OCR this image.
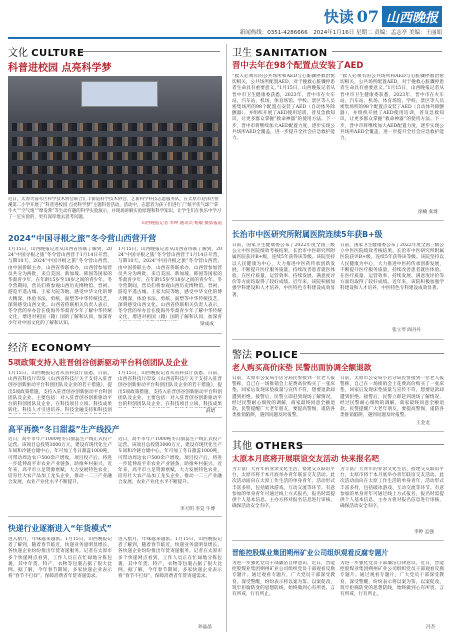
快读 07 山西晚报
新闻热线：0351-4286666　2024年1月16日 星期二 责编：孟志亭 美编：王丽娟
文化 CULTURE
科普进校园 点亮科学梦
近日，太原火箭军区科学技术协会联合汇丰街道科学技术协会、艺新科学科技志愿服务队，在太原市迎泽区恒溪第二小学开展了“科普进校园 点亮科学梦”主题科普活动。活动中，志愿者为孩子们进行了“纸平伏气球”“拿牛火”“空气炮”“摩发膏”等生动有趣的科学实验演示，并现场讲解实验原理和科学知识，让学生们在快乐中学习了一定实验的，更有深厚地去思考问题。
山西晚报记者 李坤 通讯员 杨敏 摄影报道
2024“中国寻根之旅”冬令营山西营开营
1月15日，山西晚报记者从山西省侨联了解到，2024“中国寻根之旅”冬令营山西营于1月14日开营，与期10天。2024“中国寻根之旅”冬令营山西营，由中国侨联主办，山西省侨联承办，山西营参加营员共分为两批，来自美国、新加坡、韩国等国家的华裔青少年，在年龄15岁至18岁之间的青少年。冬令营期间，营员们将参观山西历史博物馆、晋祠、游览平遥古城、王家大院等地，感受中华文化的博大精深，体验书法、剪纸、面塑等中华传统技艺，深刻感受山西文化。山西省侨联相关负责人表示，冬令营的举办旨在使海外华裔青少年了解中华传统文化，增进对祖国（籍）国的了解和认同，加深青少年对中国文化的了解和认知。
1月15日，山西晚报记者从山西省侨联了解到，2024“中国寻根之旅”冬令营山西营于1月14日开营，与期10天。2024“中国寻根之旅”冬令营山西营，由中国侨联主办，山西省侨联承办，山西营参加营员共分为两批，来自美国、新加坡、韩国等国家的华裔青少年，在年龄15岁至18岁之间的青少年。冬令营期间，营员们将参观山西历史博物馆、晋祠、游览平遥古城、王家大院等地，感受中华文化的博大精深，体验书法、剪纸、面塑等中华传统技艺，深刻感受山西文化。山西省侨联相关负责人表示，冬令营的举办旨在使海外华裔青少年了解中华传统文化，增进对祖国（籍）国的了解和认同，加深青
梁成成
经济 ECONOMY
5项政策支持入驻晋创谷创新驱动平台科创团队及企业
1月15日，山西晚报记者从省科技厅获悉，日前，山西省科技厅印发《山西省科技厅关于支持入驻晋创谷创新驱动平台科创团队及企业的若干措施》，提出5项政策措施，支持入驻晋创谷创新驱动平台科创团队及企业。主要包括：对入驻晋创谷创新驱动平台的科创团队及企业，在科技项目立项、科技成果转化、科技人才引进培养、科技金融支持和科技创
1月15日，山西晚报记者从省科技厅获悉，日前，山西省科技厅印发《山西省科技厅关于支持入驻晋创谷创新驱动平台科创团队及企业的若干措施》，提出5项政策措施，支持入驻晋创谷创新驱动平台科创团队及企业。主要包括：对入驻晋创谷创新驱动平台的科创团队及企业，在科技项目立项、科技成果
薛珺
高平再焕“冬日甜蕊”生产线投产
近日，高平市年产1000吨冬日甜蕊生产线正式投产运营。该项目总投资3000万元，建设有现代化生产车间和冷链仓储中心，年可加工冬日甜蕊1000吨，可带动周边农户500余户增收。项目投产后，将进一步延伸高平市农业产业链条，助推乡村振兴。近年来，高平市立足资源禀赋，大力发展特色农业，培育壮大农产品加工龙头企业，推动一二三产业融合发展，农业产业化水平不断提升。
近日，高平市年产1000吨冬日甜蕊生产线正式投产运营。该项目总投资3000万元，建设有现代化生产车间和冷链仓储中心，年可加工冬日甜蕊1000吨，可带动周边农户500余户增收。项目投产后，将进一步延伸高平市农业产业链条，助推乡村振兴。近年来，高平市立足资源禀赋，大力发展特色农业，培育壮大农产品加工龙头企业，推动一二三产业融合发展，农业产业化水平不断提升。
李天明 李昊 牛博
快递行业逐渐进入“年货模式”
进入腊月，年味越来越浓。1月15日，山西晚报记者了解到，随着春节临近，快递业务量明显增长，各快递企业纷纷推出年货寄递服务。记者在太原市多个快递网点看到，工作人员正在忙碌地分拣包裹，其中年货、特产、衣物等包裹占据了很大比例。据了解，今年春节期间，多家快递企业表示将“春节不打烊”，保障消费者年货寄递需求。
进入腊月，年味越来越浓。1月15日，山西晚报记者了解到，随着春节临近，快递业务量明显增长，各快递企业纷纷推出年货寄递服务。记者在太原市多个快递网点看到，工作人员正在忙碌地分拣包裹，其中年货、特产、衣物等包裹占据了很大比例。据了解，今年春节期间，多家快递企业表示将“春节不打烊”，保障消费者年货寄递需求。
孙晶晶
卫生 SANITATION
晋中去年在98个配置点安装了AED
“救人必须有的公共场所和AED与心脏骤停救治密切相关，公共场所配置AED，对于挽救心脏骤停患者生命具有重要意义。”1月15日，山西晚报记者从晋中市卫生健康委获悉，2023年，晋中市在火车站、汽车站、机场、体育场馆、学校、景区等人员密集场所的98个配置点安装了AED（自动体外除颤器），并组织开展了AED使用培训，普及急救知识，让更多群众掌握“救命神器”的使用方法。下一步，晋中市将继续加大AED配置力度，逐步实现公共场所AED全覆盖，进一步提升全社会应急救护能力。
“救人必须有的公共场所和AED与心脏骤停救治密切相关，公共场所配置AED，对于挽救心脏骤停患者生命具有重要意义。”1月15日，山西晚报记者从晋中市卫生健康委获悉，2023年，晋中市在火车站、汽车站、机场、体育场馆、学校、景区等人员密集场所的98个配置点安装了AED（自动体外除颤器），并组织开展了AED使用培训，普及急救知识，让更多群众掌握“救命神器”的使用方法。下一步，晋中市将继续加大AED配置力度，逐步实现公共场所AED全覆盖，进一步提升全社会应急救护能力。
徐楠 张琦
长治市中医研究所附属医院连续5年获B+级
日前，国家卫生健康委公布了2022年度全国三级公立中医医院绩效考核结果。长治市中医研究所附属医院获评B+级，连续5年获得该等级。该院坚持以人民健康为中心，大力推进中医药传承创新发展，不断提升医疗服务质量，持续改善患者就医体验。在医疗质量、运营效率、持续发展、满意度评价等方面均取得了较好成绩。近年来，该院积极加强学科建设和人才培养，中医特色专科建设成效显著。
日前，国家卫生健康委公布了2022年度全国三级公立中医医院绩效考核结果。长治市中医研究所附属医院获评B+级，连续5年获得该等级。该院坚持以人民健康为中心，大力推进中医药传承创新发展，不断提升医疗服务质量，持续改善患者就医体验。在医疗质量、运营效率、持续发展、满意度评价等方面均取得了较好成绩。近年来，该院积极加强学科建设和人才培养，中医特色专科建设成效显著。
张立琴 阎丹丹
警法 POLICE
老人购买高价床垫 民警出面协调全额退款
日前，太原市公安局小店分局民警接到一位老人报警称，自己在一场推销会上花费高价购买了一张床垫，回家后发现床垫质量与宣传不符，想要退款却遭到拒绝。接警后，民警立即赶到现场了解情况，经过民警耐心细致的调解，商家最终同意全额退款。民警提醒广大老年朋友，要提高警惕，谨防各类推销陷阱，遇到问题及时报警。
日前，太原市公安局小店分局民警接到一位老人报警称，自己在一场推销会上花费高价购买了一张床垫，回家后发现床垫质量与宣传不符，想要退款却遭到拒绝。接警后，民警立即赶到现场了解情况，经过民警耐心细致的调解，商家最终同意全额退款。民警提醒广大老年朋友，要提高警惕，谨防各类推销陷阱，遇到问题及时报警。
王金龙
其他 OTHERS
太原本月底将开展联谊交友活动 快来报名吧
为丰富广大青年的业余文化生活，搭建交友联谊平台，太原市将于本月底举办青年联谊交友活动。此次活动面向在太原工作生活的单身青年，活动形式丰富多样，包括破冰游戏、互动交流等环节。有意参加的单身青年可通过线上方式报名，报名时需提供个人基本信息。主办方将对报名信息进行审核，确保活动安全有序。
为丰富广大青年的业余文化生活，搭建交友联谊平台，太原市将于本月底举办青年联谊交友活动。此次活动面向在太原工作生活的单身青年，活动形式丰富多样，包括破冰游戏、互动交流等环节。有意参加的单身青年可通过线上方式报名，报名时需提供个人基本信息。主办方将对报名信息进行审核，确保活动安全有序。
李婷 孟强
晋能控股煤业集团朔州矿业公司组织观看反腐专题片
为进一步强化党员干部廉洁自律意识，近日，晋能控股煤业集团朔州矿业公司组织党员干部观看反腐专题片。通过观看专题片，广大党员干部深受教育、深受警醒，纷纷表示将以案为鉴、以案促改，筑牢拒腐防变的思想防线，始终做到心有所畏、言有所戒、行有所止。
为进一步强化党员干部廉洁自律意识，近日，晋能控股煤业集团朔州矿业公司组织党员干部观看反腐专题片。通过观看专题片，广大党员干部深受教育、深受警醒，纷纷表示将以案为鉴、以案促改，筑牢拒腐防变的思想防线，始终做到心有所畏、言有所戒、行有所止。
冯杰
